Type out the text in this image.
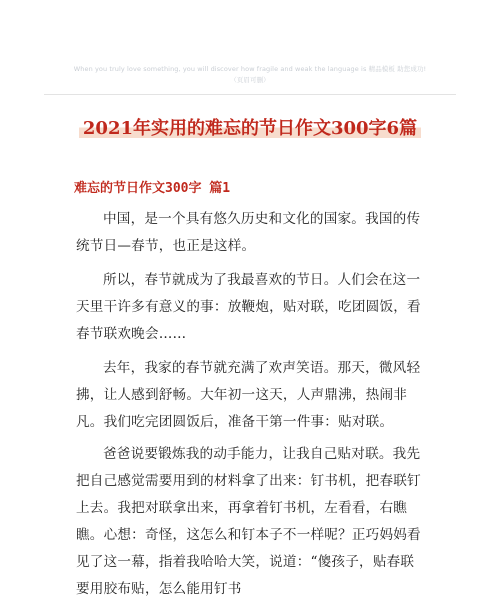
When you truly love something, you will discover how fragile and weak the language is 精品模板 助您成功!
（页眉可删）
2021年实用的难忘的节日作文300字6篇
难忘的节日作文300字 篇1
中国，是一个具有悠久历史和文化的国家。我国的传统节日—春节，也正是这样。
所以，春节就成为了我最喜欢的节日。人们会在这一天里干许多有意义的事：放鞭炮，贴对联，吃团圆饭，看春节联欢晚会……
去年，我家的春节就充满了欢声笑语。那天，微风轻拂，让人感到舒畅。大年初一这天，人声鼎沸，热闹非凡。我们吃完团圆饭后，准备干第一件事：贴对联。
爸爸说要锻炼我的动手能力，让我自己贴对联。我先把自己感觉需要用到的材料拿了出来：钉书机，把春联钉上去。我把对联拿出来，再拿着钉书机，左看看，右瞧瞧。心想：奇怪，这怎么和钉本子不一样呢？正巧妈妈看见了这一幕，指着我哈哈大笑，说道：“傻孩子，贴春联要用胶布贴，怎么能用钉书
